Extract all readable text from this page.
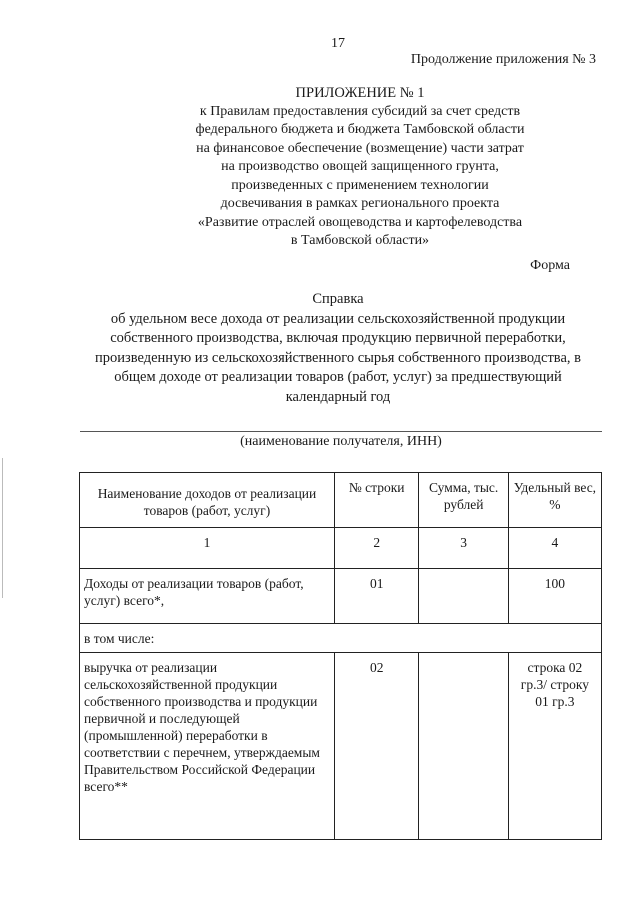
17
Продолжение приложения № 3
ПРИЛОЖЕНИЕ № 1
к Правилам предоставления субсидий за счет средств
федерального бюджета и бюджета Тамбовской области
на финансовое обеспечение (возмещение) части затрат
на производство овощей защищенного грунта,
произведенных с применением технологии
досвечивания в рамках регионального проекта
«Развитие отраслей овощеводства и картофелеводства
в Тамбовской области»
Форма
Справка
об удельном весе дохода от реализации сельскохозяйственной продукции
собственного производства, включая продукцию первичной переработки,
произведенную из сельскохозяйственного сырья собственного производства, в
общем доходе от реализации товаров (работ, услуг) за предшествующий
календарный год
(наименование получателя, ИНН)
Наименование доходов от реализации товаров (работ, услуг)	№ строки	Сумма, тыс. рублей	Удельный вес, %
1	2	3	4
Доходы от реализации товаров (работ, услуг) всего*,	01		100
в том числе:			
выручка от реализации сельскохозяйственной продукции собственного производства и продукции первичной и последующей (промышленной) переработки в соответствии с перечнем, утверждаемым Правительством Российской Федерации всего**	02		строка 02 гр.3/ строку 01 гр.3
